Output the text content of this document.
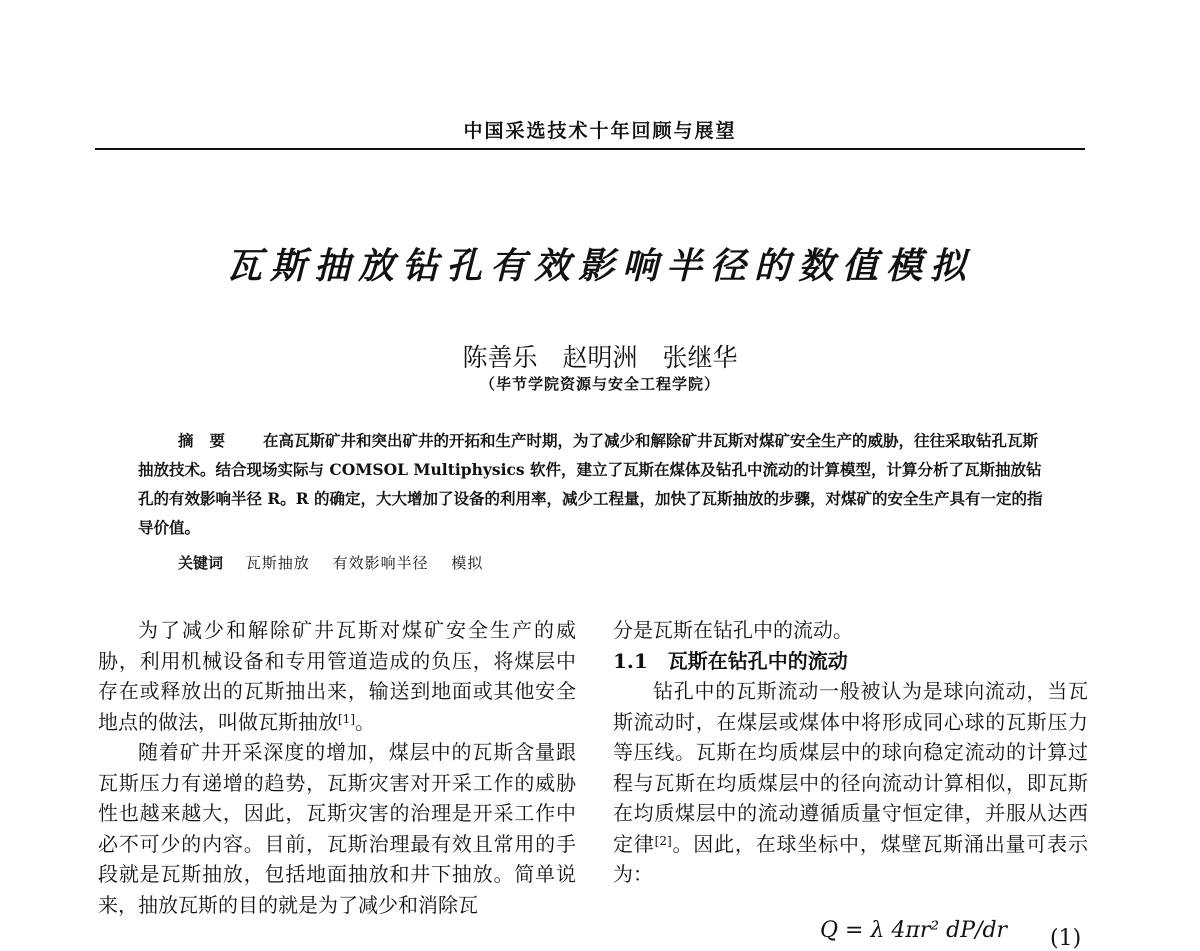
中国采选技术十年回顾与展望
瓦斯抽放钻孔有效影响半径的数值模拟
陈善乐　赵明洲　张继华
（毕节学院资源与安全工程学院）
摘要 在高瓦斯矿井和突出矿井的开拓和生产时期，为了减少和解除矿井瓦斯对煤矿安全生产的威胁，往往采取钻孔瓦斯抽放技术。结合现场实际与 COMSOL Multiphysics 软件，建立了瓦斯在煤体及钻孔中流动的计算模型，计算分析了瓦斯抽放钻孔的有效影响半径 R。R 的确定，大大增加了设备的利用率，减少工程量，加快了瓦斯抽放的步骤，对煤矿的安全生产具有一定的指导价值。
关键词 瓦斯抽放 有效影响半径 模拟

为了减少和解除矿井瓦斯对煤矿安全生产的威胁，利用机械设备和专用管道造成的负压，将煤层中存在或释放出的瓦斯抽出来，输送到地面或其他安全地点的做法，叫做瓦斯抽放[1]。

随着矿井开采深度的增加，煤层中的瓦斯含量跟瓦斯压力有递增的趋势，瓦斯灾害对开采工作的威胁性也越来越大，因此，瓦斯灾害的治理是开采工作中必不可少的内容。目前，瓦斯治理最有效且常用的手段就是瓦斯抽放，包括地面抽放和井下抽放。简单说来，抽放瓦斯的目的就是为了减少和消除瓦

分是瓦斯在钻孔中的流动。

1.1 瓦斯在钻孔中的流动

钻孔中的瓦斯流动一般被认为是球向流动，当瓦斯流动时，在煤层或煤体中将形成同心球的瓦斯压力等压线。瓦斯在均质煤层中的球向稳定流动的计算过程与瓦斯在均质煤层中的径向流动计算相似，即瓦斯在均质煤层中的流动遵循质量守恒定律，并服从达西定律[2]。因此，在球坐标中，煤壁瓦斯涌出量可表示为：

Q = λ 4πr² dP/dr (1)
